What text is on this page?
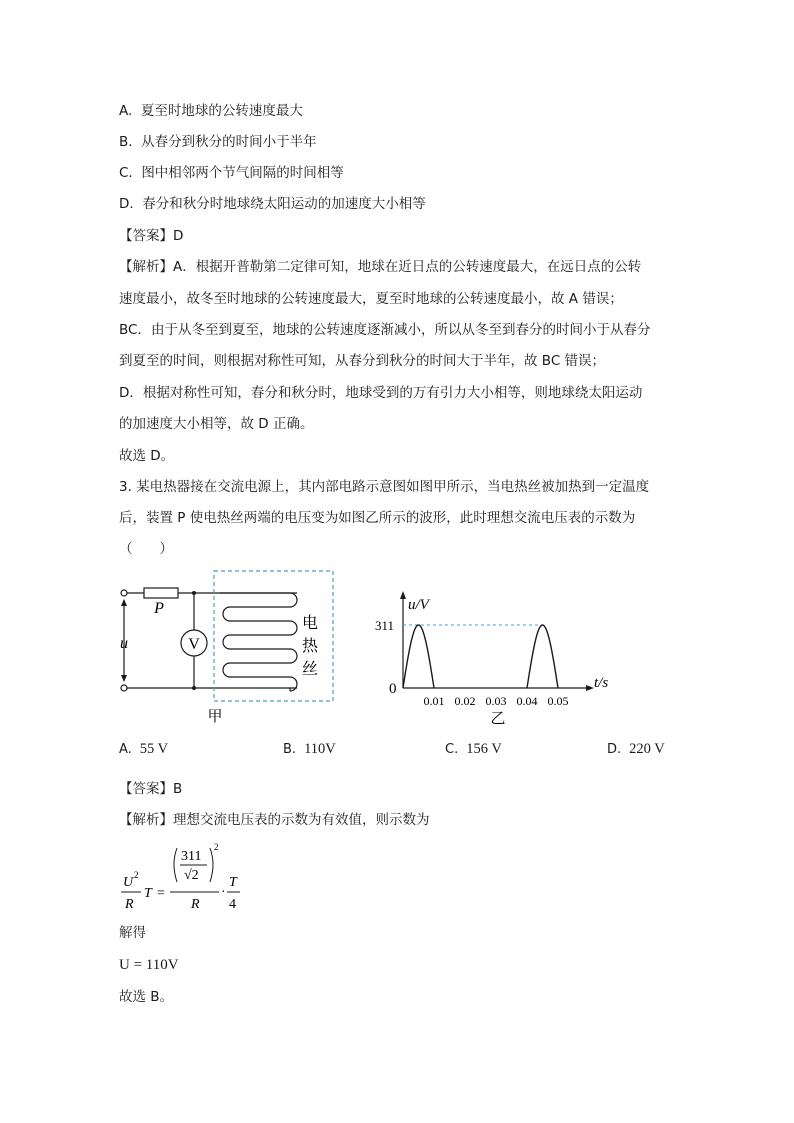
A. 夏至时地球的公转速度最大
B. 从春分到秋分的时间小于半年
C. 图中相邻两个节气间隔的时间相等
D. 春分和秋分时地球绕太阳运动的加速度大小相等
【答案】D
【解析】A．根据开普勒第二定律可知，地球在近日点的公转速度最大，在远日点的公转
速度最小，故冬至时地球的公转速度最大，夏至时地球的公转速度最小，故 A 错误；
BC．由于从冬至到夏至，地球的公转速度逐渐减小，所以从冬至到春分的时间小于从春分
到夏至的时间，则根据对称性可知，从春分到秋分的时间大于半年，故 BC 错误；
D．根据对称性可知，春分和秋分时，地球受到的万有引力大小相等，则地球绕太阳运动
的加速度大小相等，故 D 正确。
故选 D。
3. 某电热器接在交流电源上，其内部电路示意图如图甲所示，当电热丝被加热到一定温度
后，装置 P 使电热丝两端的电压变为如图乙所示的波形，此时理想交流电压表的示数为
（　　）
V
P
u
电
热
丝
甲
u/V
311
0
0.01 0.02 0.03 0.04 0.05
t/s
乙
A. 55 V	B. 110V	C. 156 V	D. 220 V
【答案】B
【解析】理想交流电压表的示数为有效值，则示数为
U 2
R
T =
311
√2
2
R
·
T
4
解得
U = 110V
故选 B。
